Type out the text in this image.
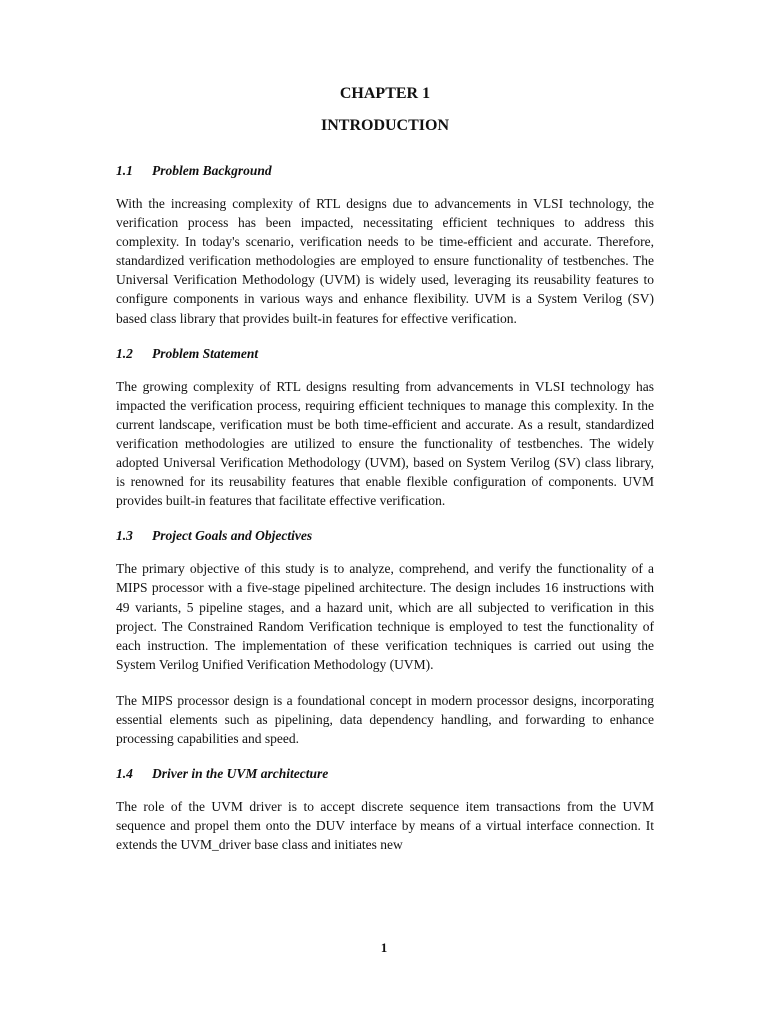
CHAPTER 1
INTRODUCTION
1.1	Problem Background

With the increasing complexity of RTL designs due to advancements in VLSI technology, the verification process has been impacted, necessitating efficient techniques to address this complexity. In today's scenario, verification needs to be time-efficient and accurate. Therefore, standardized verification methodologies are employed to ensure functionality of testbenches. The Universal Verification Methodology (UVM) is widely used, leveraging its reusability features to configure components in various ways and enhance flexibility. UVM is a System Verilog (SV) based class library that provides built-in features for effective verification.

1.2	Problem Statement

The growing complexity of RTL designs resulting from advancements in VLSI technology has impacted the verification process, requiring efficient techniques to manage this complexity. In the current landscape, verification must be both time-efficient and accurate. As a result, standardized verification methodologies are utilized to ensure the functionality of testbenches. The widely adopted Universal Verification Methodology (UVM), based on System Verilog (SV) class library, is renowned for its reusability features that enable flexible configuration of components. UVM provides built-in features that facilitate effective verification.

1.3	Project Goals and Objectives

The primary objective of this study is to analyze, comprehend, and verify the functionality of a MIPS processor with a five-stage pipelined architecture. The design includes 16 instructions with 49 variants, 5 pipeline stages, and a hazard unit, which are all subjected to verification in this project. The Constrained Random Verification technique is employed to test the functionality of each instruction. The implementation of these verification techniques is carried out using the System Verilog Unified Verification Methodology (UVM).

The MIPS processor design is a foundational concept in modern processor designs, incorporating essential elements such as pipelining, data dependency handling, and forwarding to enhance processing capabilities and speed.

1.4	Driver in the UVM architecture

The role of the UVM driver is to accept discrete sequence item transactions from the UVM sequence and propel them onto the DUV interface by means of a virtual interface connection. It extends the UVM_driver base class and initiates new

1
